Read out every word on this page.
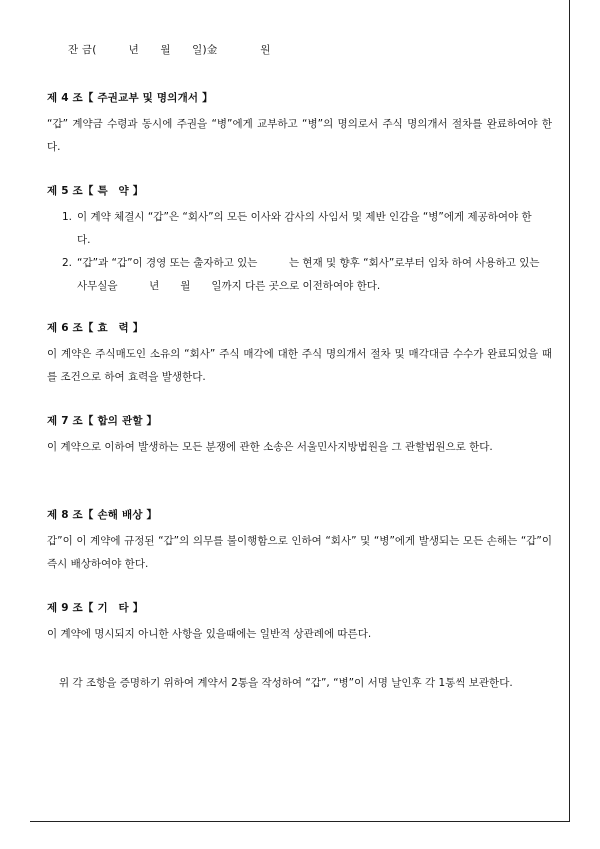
잔 금(　　　년　　월　　일)金　　　　원
제 4 조【 주권교부 및 명의개서 】
“갑” 계약금 수령과 동시에 주권을 “병”에게 교부하고 “병”의 명의로서 주식 명의개서 절차를 완료하여야 한다.
제 5 조【 특　약 】
1. 이 계약 체결시 “갑”은 “회사”의 모든 이사와 감사의 사임서 및 제반 인감을 “병”에게 제공하여야 한다.
2. “갑”과 “갑”이 경영 또는 출자하고 있는　　　는 현재 및 향후 “회사”로부터 임차 하여 사용하고 있는 사무실을　　　년　　월　　일까지 다른 곳으로 이전하여야 한다.
제 6 조【 효　력 】
이 계약은 주식매도인 소유의 “회사” 주식 매각에 대한 주식 명의개서 절차 및 매각대금 수수가 완료되었을 때를 조건으로 하여 효력을 발생한다.
제 7 조【 합의 관할 】
이 계약으로 이하여 발생하는 모든 분쟁에 관한 소송은 서울민사지방법원을 그 관할법원으로 한다.
제 8 조【 손해 배상 】
갑”이 이 계약에 규정된 “갑”의 의무를 불이행함으로 인하여 “회사” 및 “병”에게 발생되는 모든 손해는 “갑”이 즉시 배상하여야 한다.
제 9 조【 기　타 】
이 계약에 명시되지 아니한 사항을 있을때에는 일반적 상관례에 따른다.
위 각 조항을 증명하기 위하여 계약서 2통을 작성하여 “갑”, “병”이 서명 날인후 각 1통씩 보관한다.
